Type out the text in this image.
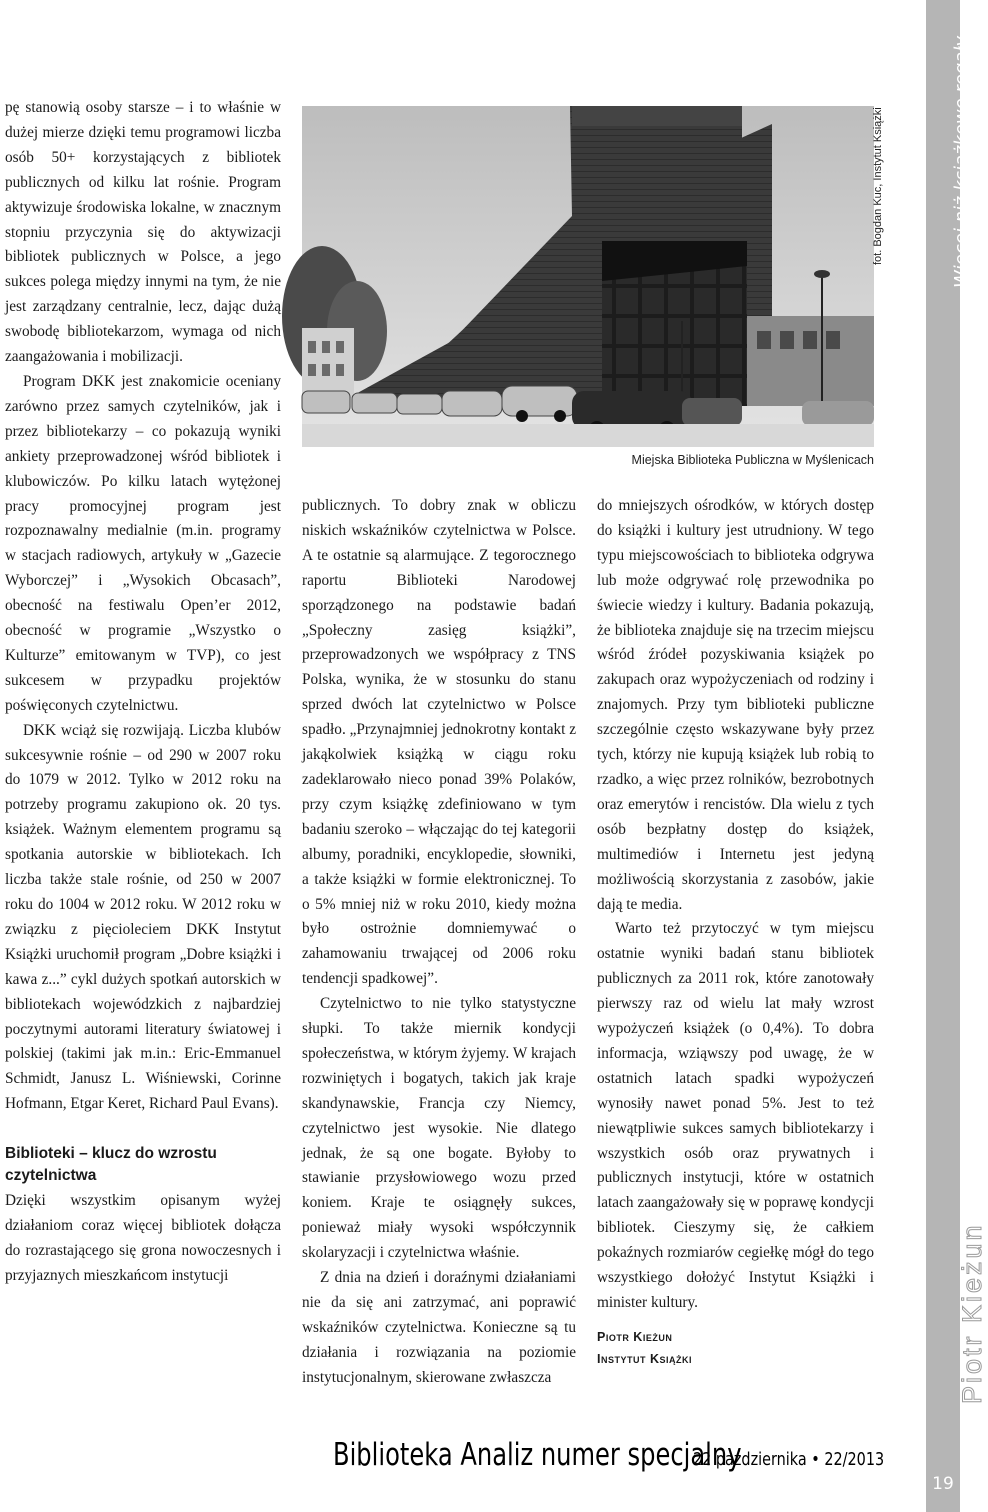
pę stanowią osoby starsze – i to właśnie w dużej mierze dzięki temu programowi liczba osób 50+ korzystających z bibliotek publicznych od kilku lat rośnie. Program aktywizuje środowiska lokalne, w znacznym stopniu przyczynia się do aktywizacji bibliotek publicznych w Polsce, a jego sukces polega między innymi na tym, że nie jest zarządzany centralnie, lecz, dając dużą swobodę bibliotekarzom, wymaga od nich zaangażowania i mobilizacji.

Program DKK jest znakomicie oceniany zarówno przez samych czytelników, jak i przez bibliotekarzy – co pokazują wyniki ankiety przeprowadzonej wśród bibliotek i klubowiczów. Po kilku latach wytężonej pracy promocyjnej program jest rozpoznawalny medialnie (m.in. programy w stacjach radiowych, artykuły w „Gazecie Wyborczej” i „Wysokich Obcasach”, obecność na festiwalu Open’er 2012, obecność w programie „Wszystko o Kulturze” emitowanym w TVP), co jest sukcesem w przypadku projektów poświęconych czytelnictwu.

DKK wciąż się rozwijają. Liczba klubów sukcesywnie rośnie – od 290 w 2007 roku do 1079 w 2012. Tylko w 2012 roku na potrzeby programu zakupiono ok. 20 tys. książek. Ważnym elementem programu są spotkania autorskie w bibliotekach. Ich liczba także stale rośnie, od 250 w 2007 roku do 1004 w 2012 roku. W 2012 roku w związku z pięcioleciem DKK Instytut Książki uruchomił program „Dobre książki i kawa z...” cykl dużych spotkań autorskich w bibliotekach wojewódzkich z najbardziej poczytnymi autorami literatury światowej i polskiej (takimi jak m.in.: Eric-Emmanuel Schmidt, Janusz L. Wiśniewski, Corinne Hofmann, Etgar Keret, Richard Paul Evans).

Biblioteki – klucz do wzrostu czytelnictwa

Dzięki wszystkim opisanym wyżej działaniom coraz więcej bibliotek dołącza do rozrastającego się grona nowoczesnych i przyjaznych mieszkańcom instytucji

fot. Bogdan Kuc, Instytut Książki
Miejska Biblioteka Publiczna w Myślenicach

publicznych. To dobry znak w obliczu niskich wskaźników czytelnictwa w Polsce. A te ostatnie są alarmujące. Z tegorocznego raportu Biblioteki Narodowej sporządzonego na podstawie badań „Społeczny zasięg książki”, przeprowadzonych we współpracy z TNS Polska, wynika, że w stosunku do stanu sprzed dwóch lat czytelnictwo w Polsce spadło. „Przynajmniej jednokrotny kontakt z jakąkolwiek książką w ciągu roku zadeklarowało nieco ponad 39% Polaków, przy czym książkę zdefiniowano w tym badaniu szeroko – włączając do tej kategorii albumy, poradniki, encyklopedie, słowniki, a także książki w formie elektronicznej. To o 5% mniej niż w roku 2010, kiedy można było ostrożnie domniemywać o zahamowaniu trwającej od 2006 roku tendencji spadkowej”.

Czytelnictwo to nie tylko statystyczne słupki. To także miernik kondycji społeczeństwa, w którym żyjemy. W krajach rozwiniętych i bogatych, takich jak kraje skandynawskie, Francja czy Niemcy, czytelnictwo jest wysokie. Nie dlatego jednak, że są one bogate. Byłoby to stawianie przysłowiowego wozu przed koniem. Kraje te osiągnęły sukces, ponieważ miały wysoki współczynnik skolaryzacji i czytelnictwa właśnie.

Z dnia na dzień i doraźnymi działaniami nie da się ani zatrzymać, ani poprawić wskaźników czytelnictwa. Konieczne są tu działania i rozwiązania na poziomie instytucjonalnym, skierowane zwłaszcza

do mniejszych ośrodków, w których dostęp do książki i kultury jest utrudniony. W tego typu miejscowościach to biblioteka odgrywa lub może odgrywać rolę przewodnika po świecie wiedzy i kultury. Badania pokazują, że biblioteka znajduje się na trzecim miejscu wśród źródeł pozyskiwania książek po zakupach oraz wypożyczeniach od rodziny i znajomych. Przy tym biblioteki publiczne szczególnie często wskazywane były przez tych, którzy nie kupują książek lub robią to rzadko, a więc przez rolników, bezrobotnych oraz emerytów i rencistów. Dla wielu z tych osób bezpłatny dostęp do książek, multimediów i Internetu jest jedyną możliwością skorzystania z zasobów, jakie dają te media.

Warto też przytoczyć w tym miejscu ostatnie wyniki badań stanu bibliotek publicznych za 2011 rok, które zanotowały pierwszy raz od wielu lat mały wzrost wypożyczeń książek (o 0,4%). To dobra informacja, wziąwszy pod uwagę, że w ostatnich latach spadki wypożyczeń wynosiły nawet ponad 5%. Jest to też niewątpliwie sukces samych bibliotekarzy i wszystkich osób oraz prywatnych i publicznych instytucji, które w ostatnich latach zaangażowały się w poprawę kondycji bibliotek. Cieszymy się, że całkiem pokaźnych rozmiarów cegiełkę mógł do tego wszystkiego dołożyć Instytut Książki i minister kultury.

Piotr Kieżun

Instytut Książki

Więcej niż książkowe regały
Piotr Kieżun
19
Biblioteka Analiz numer specjalny
22 października • 22/2013
